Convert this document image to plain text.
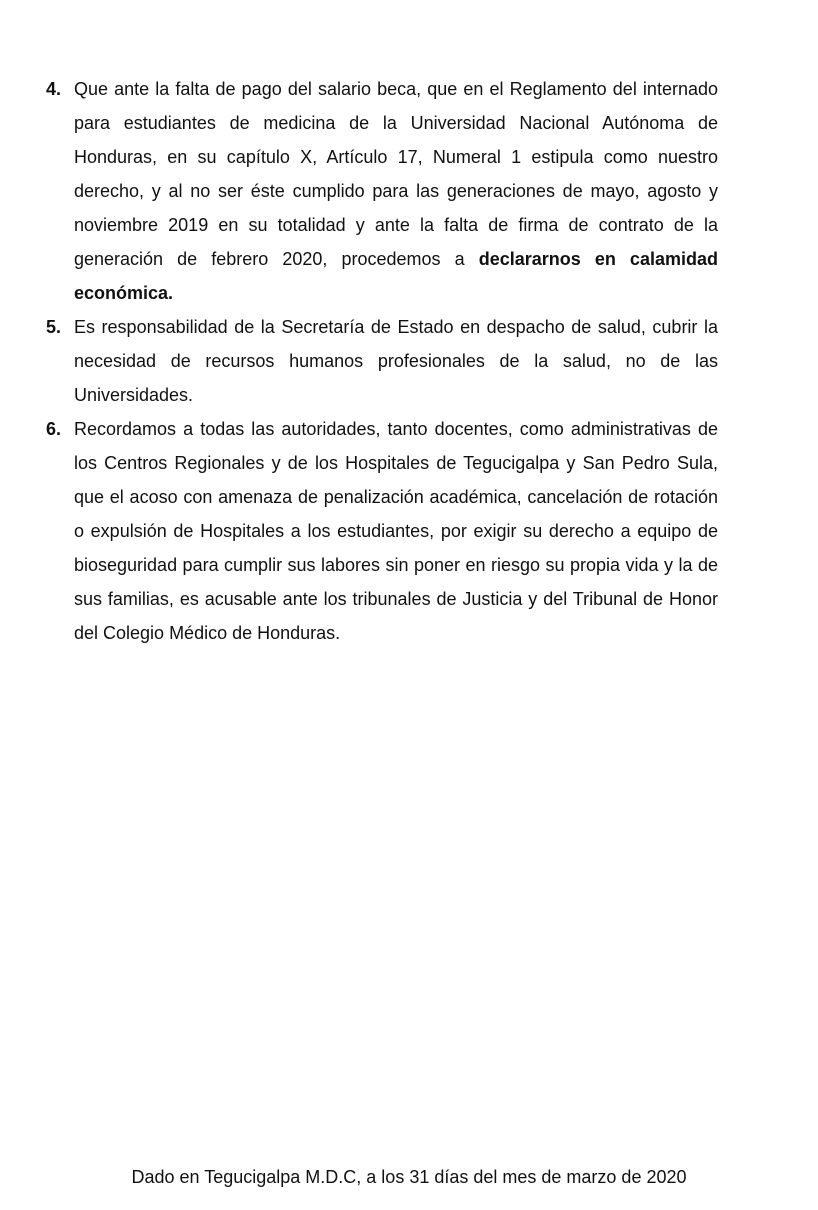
4. Que ante la falta de pago del salario beca, que en el Reglamento del internado para estudiantes de medicina de la Universidad Nacional Autónoma de Honduras, en su capítulo X, Artículo 17, Numeral 1 estipula como nuestro derecho, y al no ser éste cumplido para las generaciones de mayo, agosto y noviembre 2019 en su totalidad y ante la falta de firma de contrato de la generación de febrero 2020, procedemos a declararnos en calamidad económica.
5. Es responsabilidad de la Secretaría de Estado en despacho de salud, cubrir la necesidad de recursos humanos profesionales de la salud, no de las Universidades.
6. Recordamos a todas las autoridades, tanto docentes, como administrativas de los Centros Regionales y de los Hospitales de Tegucigalpa y San Pedro Sula, que el acoso con amenaza de penalización académica, cancelación de rotación o expulsión de Hospitales a los estudiantes, por exigir su derecho a equipo de bioseguridad para cumplir sus labores sin poner en riesgo su propia vida y la de sus familias, es acusable ante los tribunales de Justicia y del Tribunal de Honor del Colegio Médico de Honduras.
Dado en Tegucigalpa M.D.C, a los 31 días del mes de marzo de 2020
